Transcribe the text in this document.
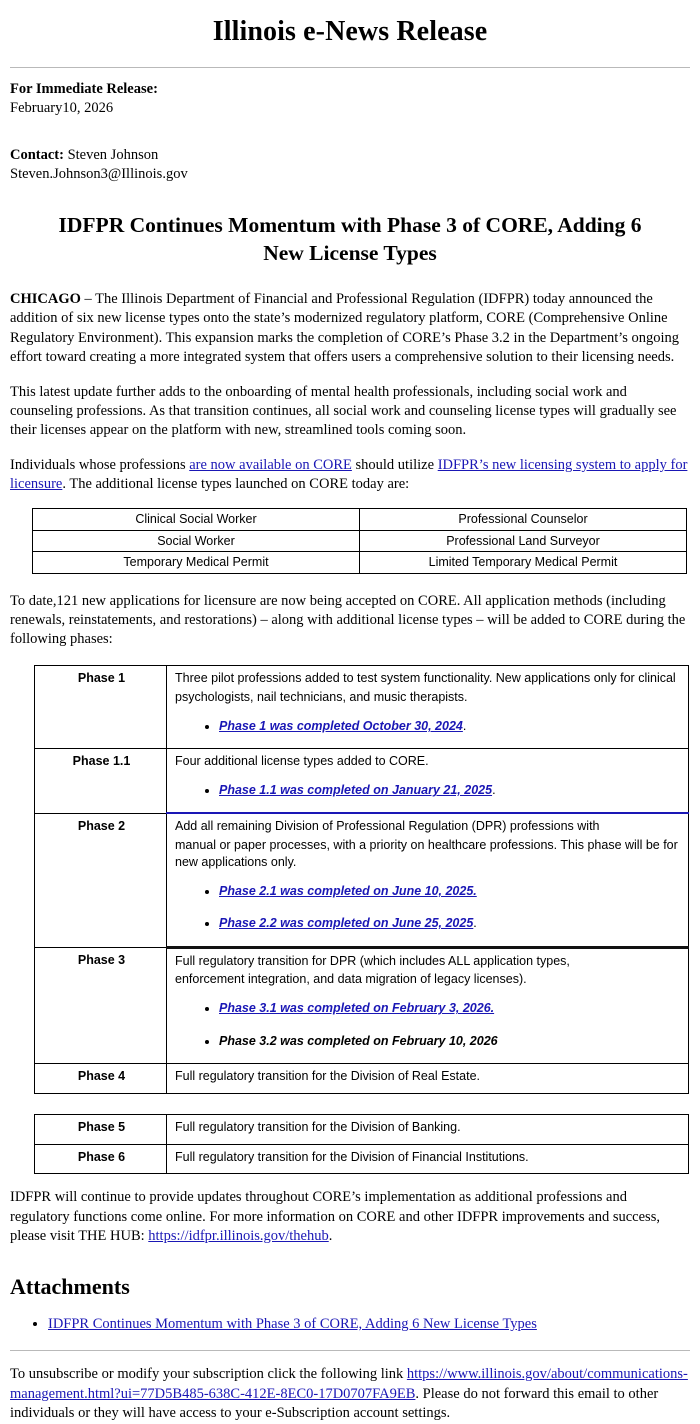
Illinois e-News Release
For Immediate Release:
February10, 2026
Contact: Steven Johnson
Steven.Johnson3@Illinois.gov
IDFPR Continues Momentum with Phase 3 of CORE, Adding 6 New License Types

CHICAGO – The Illinois Department of Financial and Professional Regulation (IDFPR) today announced the addition of six new license types onto the state’s modernized regulatory platform, CORE (Comprehensive Online Regulatory Environment). This expansion marks the completion of CORE’s Phase 3.2 in the Department’s ongoing effort toward creating a more integrated system that offers users a comprehensive solution to their licensing needs.

This latest update further adds to the onboarding of mental health professionals, including social work and counseling professions. As that transition continues, all social work and counseling license types will gradually see their licenses appear on the platform with new, streamlined tools coming soon.

Individuals whose professions are now available on CORE should utilize IDFPR’s new licensing system to apply for licensure. The additional license types launched on CORE today are:

Clinical Social Worker	Professional Counselor
Social Worker	Professional Land Surveyor
Temporary Medical Permit	Limited Temporary Medical Permit

To date,121 new applications for licensure are now being accepted on CORE. All application methods (including renewals, reinstatements, and restorations) – along with additional license types – will be added to CORE during the following phases:

Phase 1	Three pilot professions added to test system functionality. New applications only for clinical

psychologists, nail technicians, and music therapists.

• Phase 1 was completed October 30, 2024.

Phase 1.1	Four additional license types added to CORE.

• Phase 1.1 was completed on January 21, 2025.

Phase 2	Add all remaining Division of Professional Regulation (DPR) professions with

manual or paper processes, with a priority on healthcare professions. This phase will be for new applications only.

• Phase 2.1 was completed on June 10, 2025.
• Phase 2.2 was completed on June 25, 2025.

Phase 3	Full regulatory transition for DPR (which includes ALL application types,

enforcement integration, and data migration of legacy licenses).

• Phase 3.1 was completed on February 3, 2026.
• Phase 3.2 was completed on February 10, 2026

Phase 4	Full regulatory transition for the Division of Real Estate.

Phase 5	Full regulatory transition for the Division of Banking.

Phase 6	Full regulatory transition for the Division of Financial Institutions.

IDFPR will continue to provide updates throughout CORE’s implementation as additional professions and regulatory functions come online. For more information on CORE and other IDFPR improvements and success, please visit THE HUB: https://idfpr.illinois.gov/thehub.

Attachments
• IDFPR Continues Momentum with Phase 3 of CORE, Adding 6 New License Types

To unsubscribe or modify your subscription click the following link https://www.illinois.gov/about/communications-management.html?ui=77D5B485-638C-412E-8EC0-17D0707FA9EB. Please do not forward this email to other individuals or they will have access to your e-Subscription account settings.
